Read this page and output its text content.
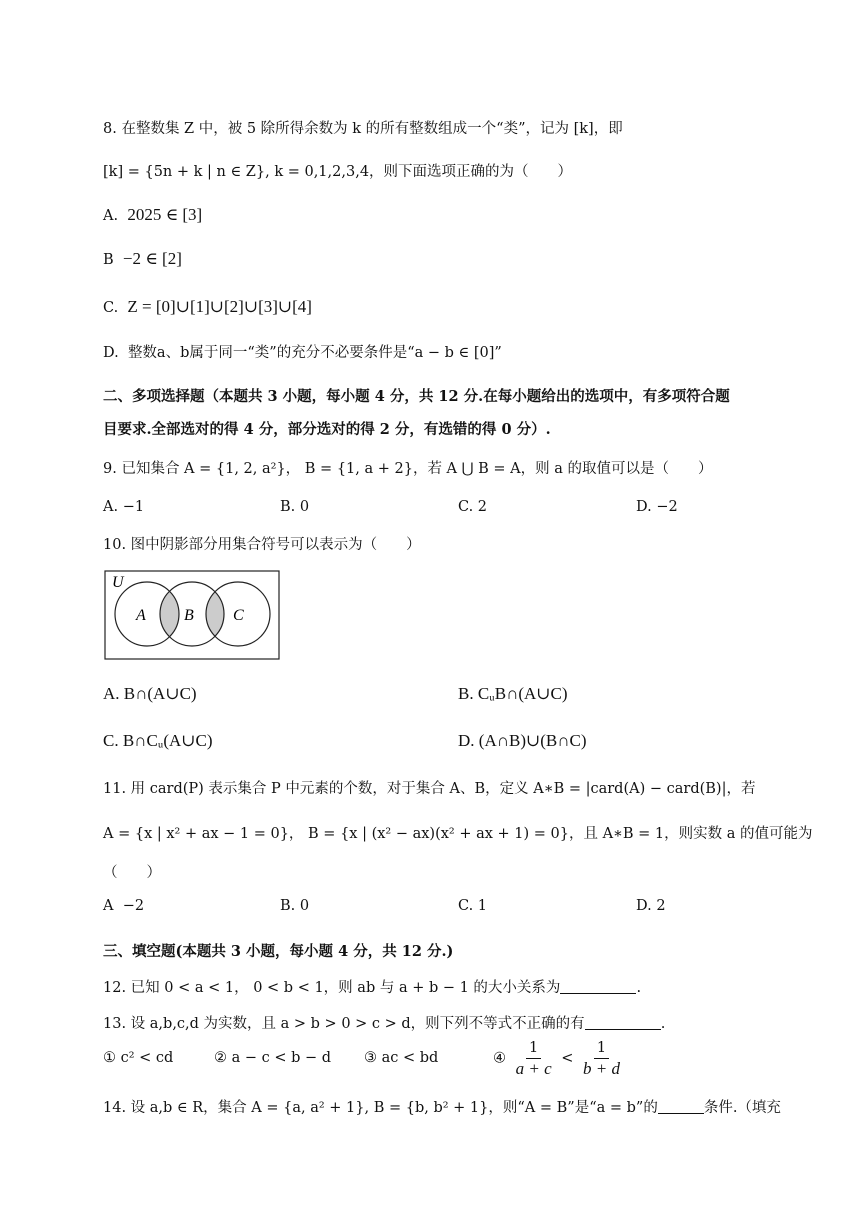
8. 在整数集 Z 中，被 5 除所得余数为 k 的所有整数组成一个“类”，记为 [k]，即
[k] = {5n + k | n ∈ Z}, k = 0,1,2,3,4，则下面选项正确的为（　　）
A. 2025 ∈ [3]
B −2 ∈ [2]
C. Z = [0]∪[1]∪[2]∪[3]∪[4]
D. 整数a、b属于同一“类”的充分不必要条件是“a − b ∈ [0]”
二、多项选择题（本题共 3 小题，每小题 4 分，共 12 分.在每小题给出的选项中，有多项符合题
目要求.全部选对的得 4 分，部分选对的得 2 分，有选错的得 0 分）.
9. 已知集合 A = {1, 2, a²}， B = {1, a + 2}，若 A ⋃ B = A，则 a 的取值可以是（　　）
A. −1	B. 0	C. 2	D. −2
10. 图中阴影部分用集合符号可以表示为（　　）
U
A B C
A. B∩(A∪C)	B. CᵤB∩(A∪C)
C. B∩Cᵤ(A∪C)	D. (A∩B)∪(B∩C)
11. 用 card(P) 表示集合 P 中元素的个数，对于集合 A、B，定义 A∗B = |card(A) − card(B)|，若
A = {x | x² + ax − 1 = 0}， B = {x | (x² − ax)(x² + ax + 1) = 0}，且 A∗B = 1，则实数 a 的值可能为
（　　）
A −2	B. 0	C. 1	D. 2
三、填空题(本题共 3 小题，每小题 4 分，共 12 分.)
12. 已知 0 < a < 1， 0 < b < 1，则 ab 与 a + b − 1 的大小关系为	.
13. 设 a,b,c,d 为实数，且 a > b > 0 > c > d，则下列不等式不正确的有	.
① c² < cd	② a − c < b − d ③ ac < bd	④ $\frac{1}{a + c} < \frac{1}{b + d}$
14. 设 a,b ∈ R，集合 A = {a, a² + 1}, B = {b, b² + 1}，则“A = B”是“a = b”的	条件.（填充
